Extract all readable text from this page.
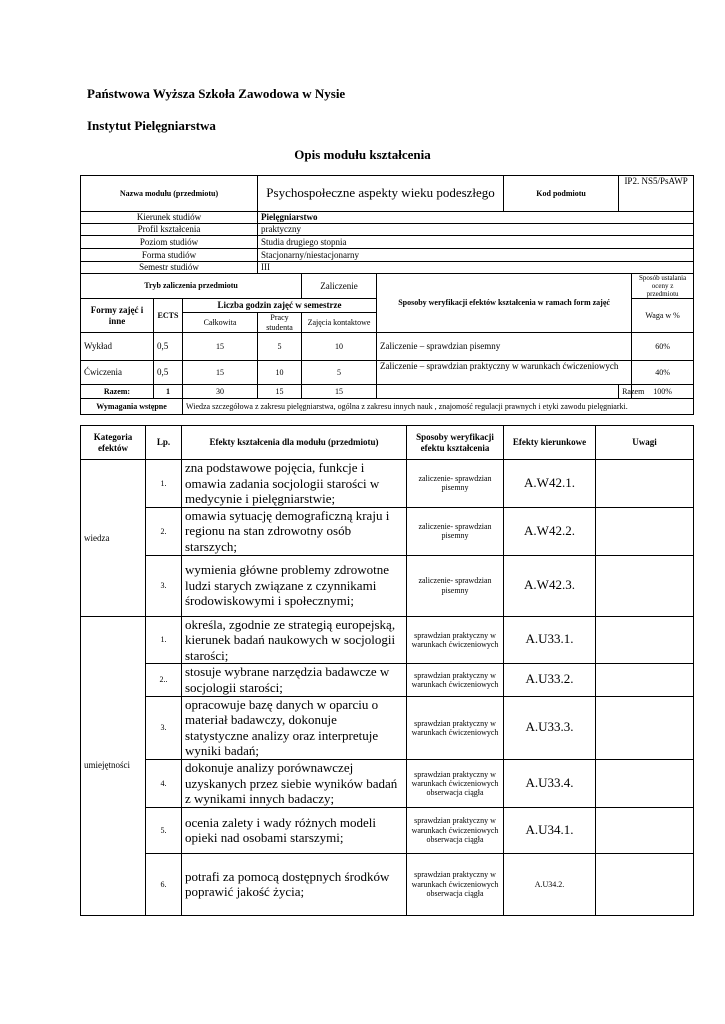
Państwowa Wyższa Szkoła Zawodowa w Nysie
Instytut Pielęgniarstwa
Opis modułu kształcenia
Nazwa modułu (przedmiotu)			Psychospołeczne aspekty wieku podeszłego			Kod podmiotu	IP2. NS5/PsAWP	
Kierunek studiów			Pielęgniarstwo					
Profil kształcenia			praktyczny					
Poziom studiów			Studia drugiego stopnia					
Forma studiów			Stacjonarny/niestacjonarny					
Semestr studiów			III					
Tryb zaliczenia przedmiotu				Zaliczenie	Sposoby weryfikacji efektów kształcenia w ramach form zajęć			Sposób ustalania oceny z przedmiotu
Formy zajęć i inne	ECTS	Liczba godzin zajęć w semestrze						Waga w %
		Całkowita	Pracy studenta	Zajęcia kontaktowe				
Wykład	0,5	15	5	10	Zaliczenie – sprawdzian pisemny			60%
Ćwiczenia	0,5	15	10	5	Zaliczenie – sprawdzian praktyczny w warunkach ćwiczeniowych			40%
Razem:	1	30	15	15			Razem	100%
Wymagania wstępne		Wiedza szczegółowa z zakresu pielęgniarstwa, ogólna z zakresu innych nauk , znajomość regulacji prawnych i etyki zawodu pielęgniarki.						
Kategoria efektów	Lp.	Efekty kształcenia dla modułu (przedmiotu)	Sposoby weryfikacji efektu kształcenia	Efekty kierunkowe	Uwagi
wiedza	1.	zna podstawowe pojęcia, funkcje i omawia zadania socjologii starości w medycynie i pielęgniarstwie;	zaliczenie- sprawdzian pisemny	A.W42.1.	
	2.	omawia sytuację demograficzną kraju i regionu na stan zdrowotny osób starszych;	zaliczenie- sprawdzian pisemny	A.W42.2.	
	3.	wymienia główne problemy zdrowotne ludzi starych związane z czynnikami środowiskowymi i społecznymi;	zaliczenie- sprawdzian pisemny	A.W42.3.	
umiejętności	1.	określa, zgodnie ze strategią europejską, kierunek badań naukowych w socjologii starości;	sprawdzian praktyczny w warunkach ćwiczeniowych	A.U33.1.	
	2..	stosuje wybrane narzędzia badawcze w socjologii starości;	sprawdzian praktyczny w warunkach ćwiczeniowych	A.U33.2.	
	3.	opracowuje bazę danych w oparciu o materiał badawczy, dokonuje statystyczne analizy oraz interpretuje wyniki badań;	sprawdzian praktyczny w warunkach ćwiczeniowych	A.U33.3.	
	4.	dokonuje analizy porównawczej uzyskanych przez siebie wyników badań z wynikami innych badaczy;	sprawdzian praktyczny w warunkach ćwiczeniowych obserwacja ciągła	A.U33.4.	
	5.	ocenia zalety i wady różnych modeli opieki nad osobami starszymi;	sprawdzian praktyczny w warunkach ćwiczeniowych obserwacja ciągła	A.U34.1.	
	6.	potrafi za pomocą dostępnych środków poprawić jakość życia;	sprawdzian praktyczny w warunkach ćwiczeniowych obserwacja ciągła	A.U34.2.	
